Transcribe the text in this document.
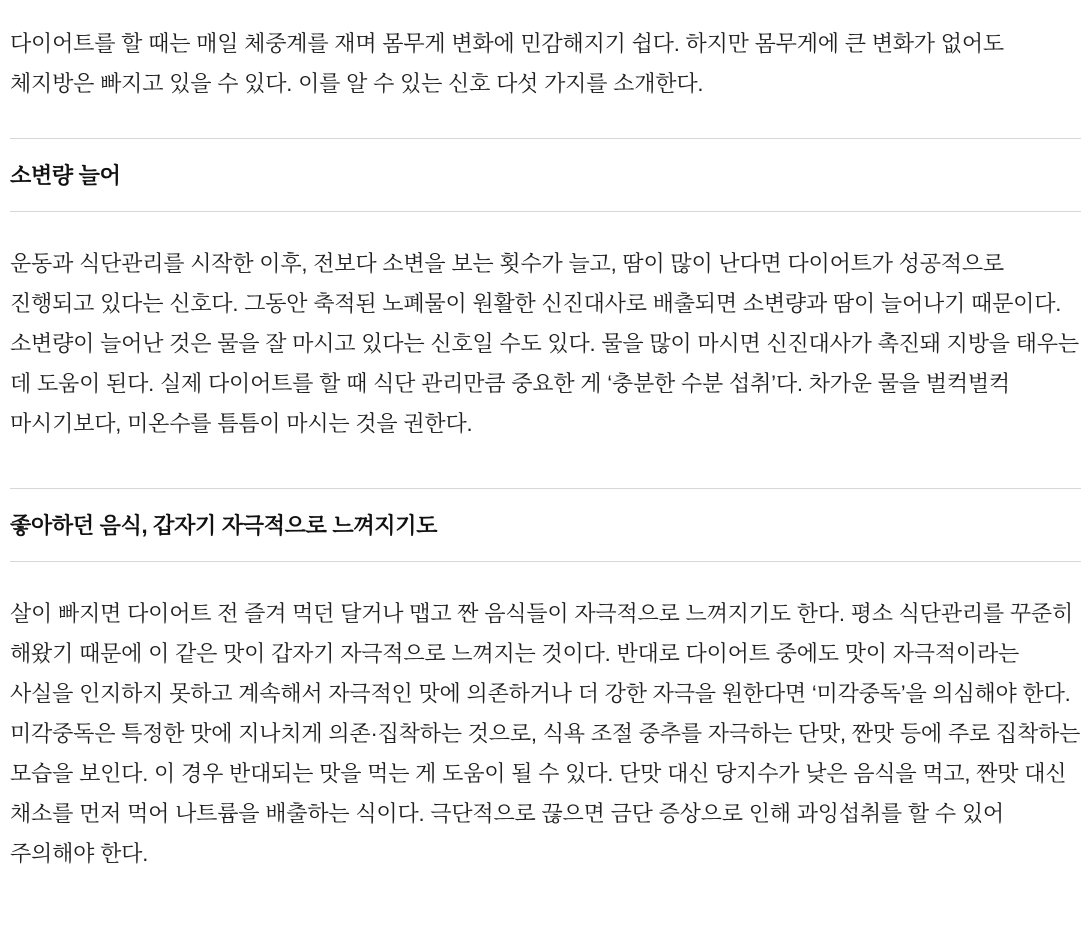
다이어트를 할 때는 매일 체중계를 재며 몸무게 변화에 민감해지기 쉽다. 하지만 몸무게에 큰 변화가 없어도 체지방은 빠지고 있을 수 있다. 이를 알 수 있는 신호 다섯 가지를 소개한다.

소변량 늘어

운동과 식단관리를 시작한 이후, 전보다 소변을 보는 횟수가 늘고, 땀이 많이 난다면 다이어트가 성공적으로 진행되고 있다는 신호다. 그동안 축적된 노폐물이 원활한 신진대사로 배출되면 소변량과 땀이 늘어나기 때문이다. 소변량이 늘어난 것은 물을 잘 마시고 있다는 신호일 수도 있다. 물을 많이 마시면 신진대사가 촉진돼 지방을 태우는 데 도움이 된다. 실제 다이어트를 할 때 식단 관리만큼 중요한 게 ‘충분한 수분 섭취’다. 차가운 물을 벌컥벌컥 마시기보다, 미온수를 틈틈이 마시는 것을 권한다.

좋아하던 음식, 갑자기 자극적으로 느껴지기도

살이 빠지면 다이어트 전 즐겨 먹던 달거나 맵고 짠 음식들이 자극적으로 느껴지기도 한다. 평소 식단관리를 꾸준히 해왔기 때문에 이 같은 맛이 갑자기 자극적으로 느껴지는 것이다. 반대로 다이어트 중에도 맛이 자극적이라는 사실을 인지하지 못하고 계속해서 자극적인 맛에 의존하거나 더 강한 자극을 원한다면 ‘미각중독’을 의심해야 한다. 미각중독은 특정한 맛에 지나치게 의존·집착하는 것으로, 식욕 조절 중추를 자극하는 단맛, 짠맛 등에 주로 집착하는 모습을 보인다. 이 경우 반대되는 맛을 먹는 게 도움이 될 수 있다. 단맛 대신 당지수가 낮은 음식을 먹고, 짠맛 대신 채소를 먼저 먹어 나트륨을 배출하는 식이다. 극단적으로 끊으면 금단 증상으로 인해 과잉섭취를 할 수 있어 주의해야 한다.
